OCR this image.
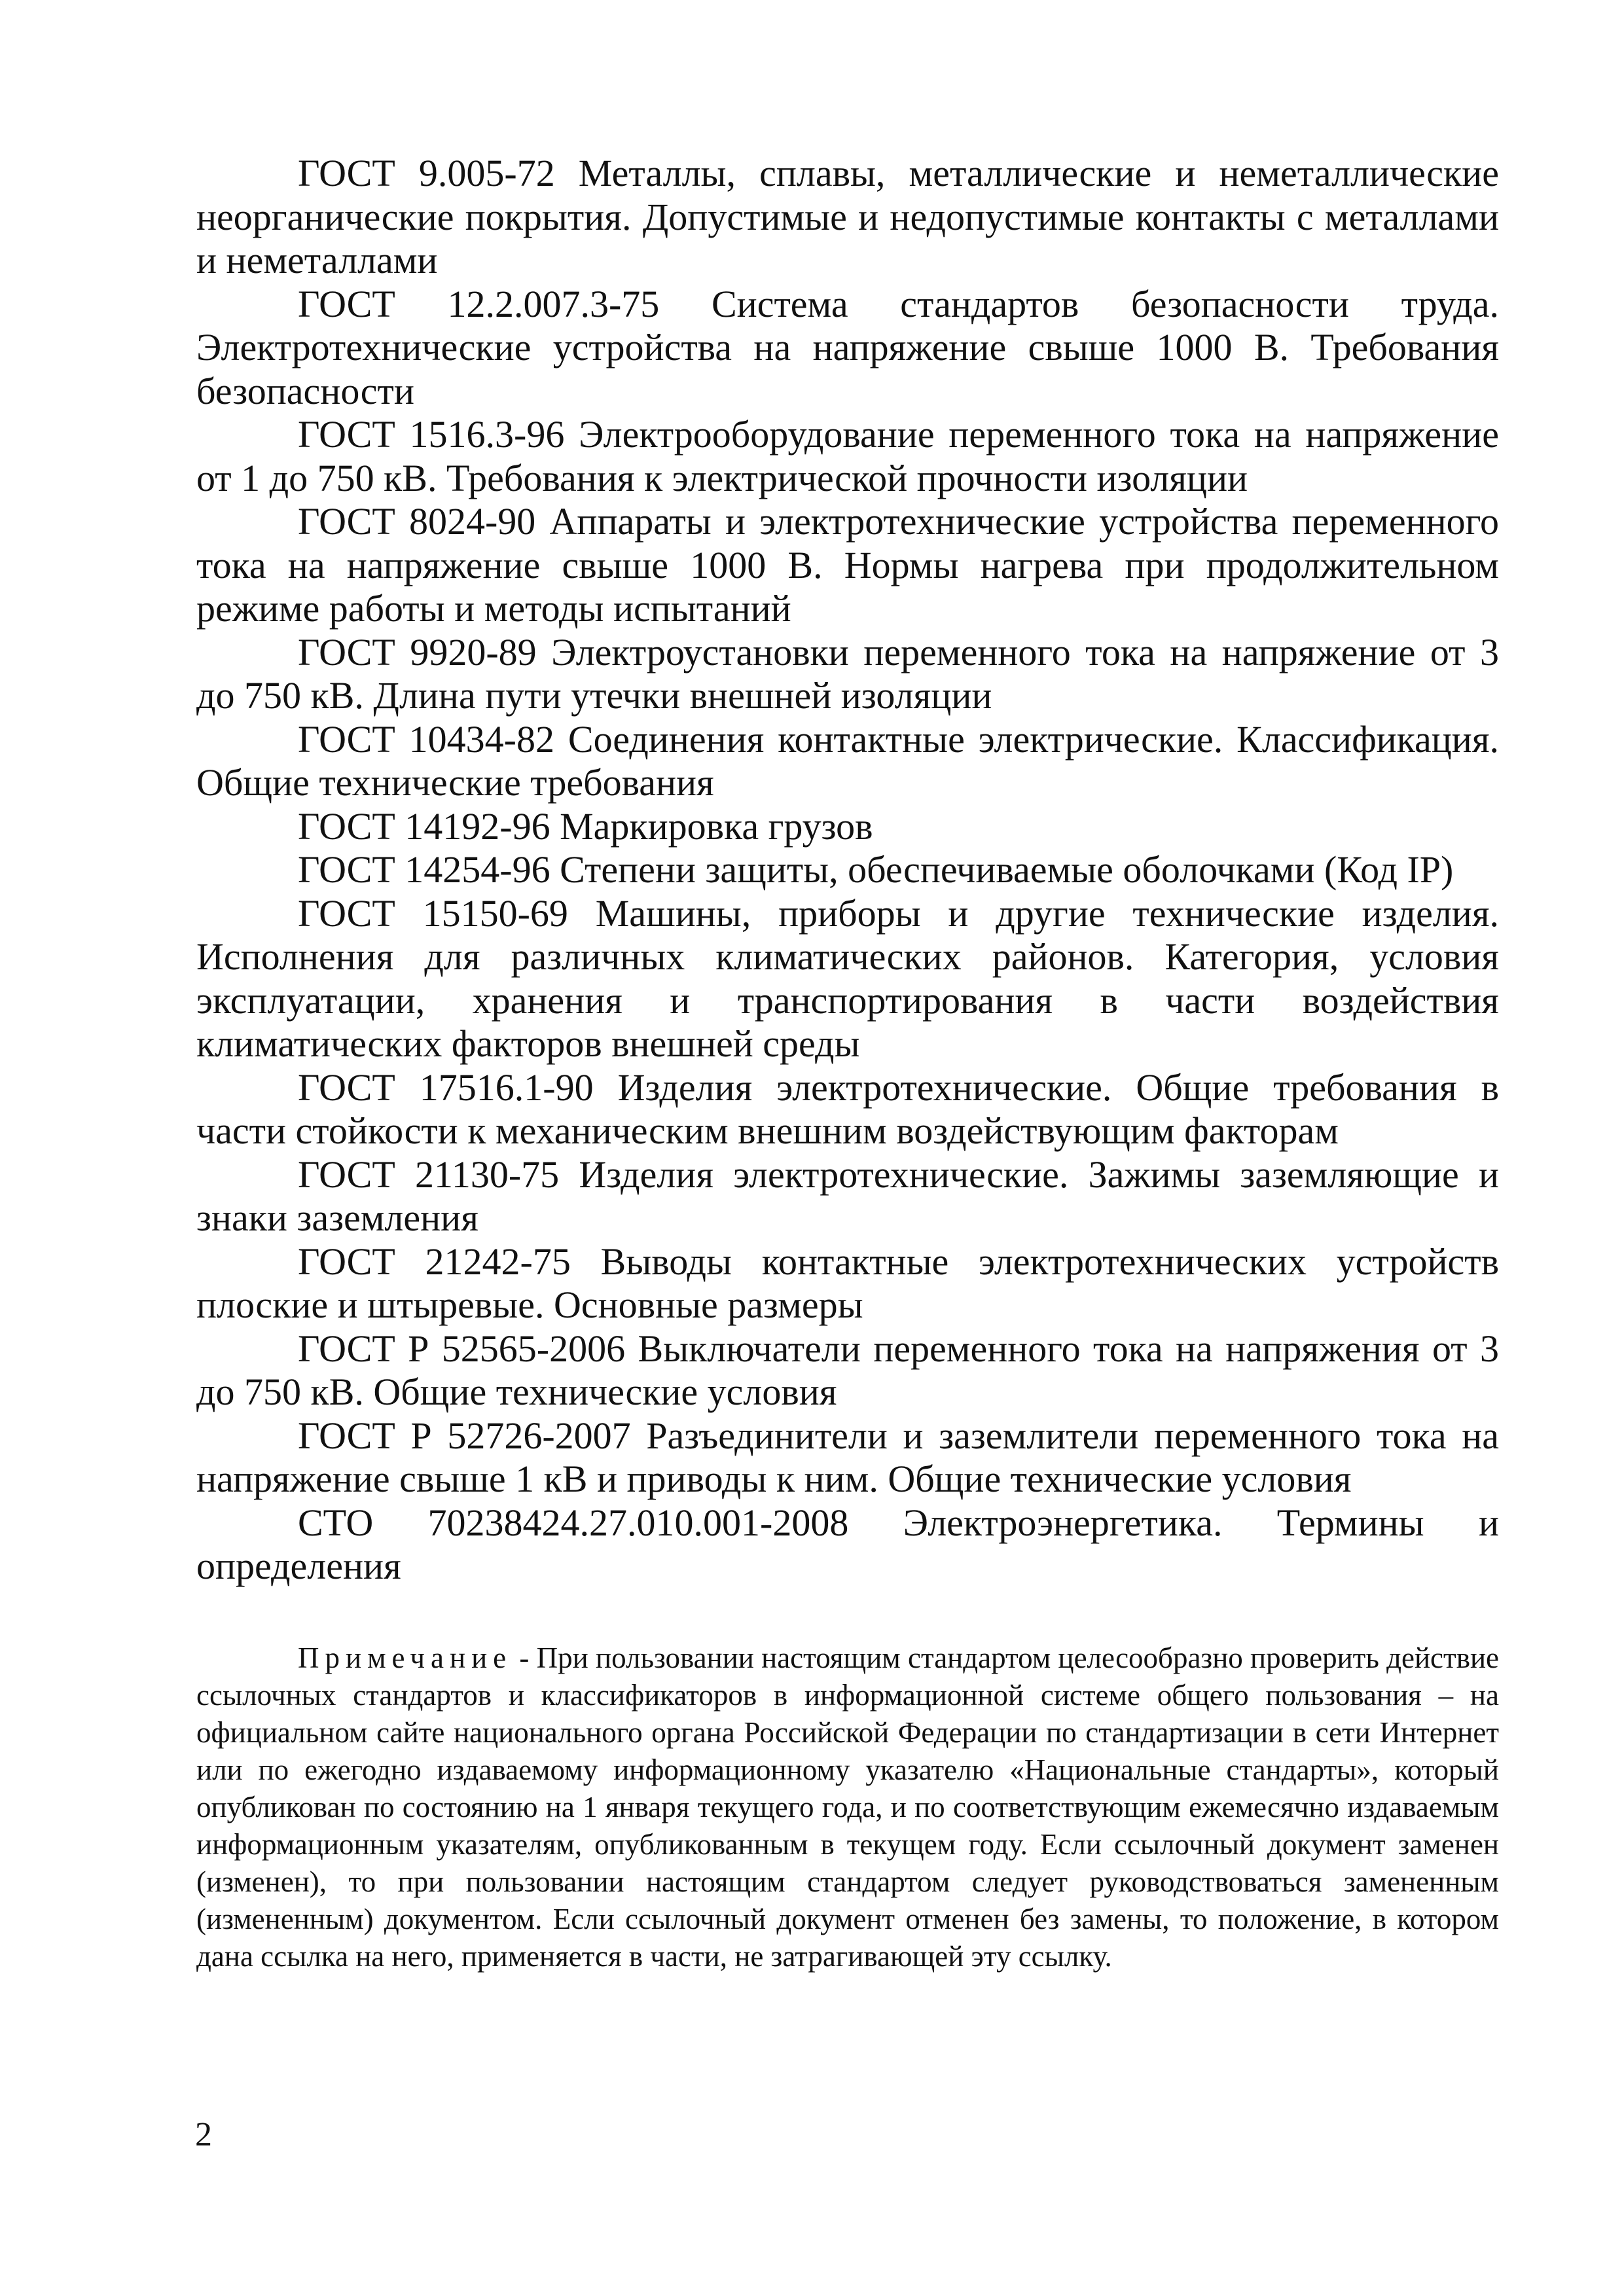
ГОСТ 9.005-72 Металлы, сплавы, металлические и неметаллические неорганические покрытия. Допустимые и недопустимые контакты с металлами и неметаллами

ГОСТ 12.2.007.3-75 Система стандартов безопасности труда. Электротехнические устройства на напряжение свыше 1000 В. Требования безопасности

ГОСТ 1516.3-96 Электрооборудование переменного тока на напряжение от 1 до 750 кВ. Требования к электрической прочности изоляции

ГОСТ 8024-90 Аппараты и электротехнические устройства переменного тока на напряжение свыше 1000 В. Нормы нагрева при продолжительном режиме работы и методы испытаний

ГОСТ 9920-89 Электроустановки переменного тока на напряжение от 3 до 750 кВ. Длина пути утечки внешней изоляции

ГОСТ 10434-82 Соединения контактные электрические. Классификация. Общие технические требования

ГОСТ 14192-96 Маркировка грузов

ГОСТ 14254-96 Степени защиты, обеспечиваемые оболочками (Код IP)

ГОСТ 15150-69 Машины, приборы и другие технические изделия. Исполнения для различных климатических районов. Категория, условия эксплуатации, хранения и транспортирования в части воздействия климатических факторов внешней среды

ГОСТ 17516.1-90 Изделия электротехнические. Общие требования в части стойкости к механическим внешним воздействующим факторам

ГОСТ 21130-75 Изделия электротехнические. Зажимы заземляющие и знаки заземления

ГОСТ 21242-75 Выводы контактные электротехнических устройств плоские и штыревые. Основные размеры

ГОСТ Р 52565-2006 Выключатели переменного тока на напряжения от 3 до 750 кВ. Общие технические условия

ГОСТ Р 52726-2007 Разъединители и заземлители переменного тока на напряжение свыше 1 кВ и приводы к ним. Общие технические условия

СТО 70238424.27.010.001-2008 Электроэнергетика. Термины и определения

Примечание - При пользовании настоящим стандартом целесообразно проверить действие ссылочных стандартов и классификаторов в информационной системе общего пользования – на официальном сайте национального органа Российской Федерации по стандартизации в сети Интернет или по ежегодно издаваемому информационному указателю «Национальные стандарты», который опубликован по состоянию на 1 января текущего года, и по соответствующим ежемесячно издаваемым информационным указателям, опубликованным в текущем году. Если ссылочный документ заменен (изменен), то при пользовании настоящим стандартом следует руководствоваться замененным (измененным) документом. Если ссылочный документ отменен без замены, то положение, в котором дана ссылка на него, применяется в части, не затрагивающей эту ссылку.

2
